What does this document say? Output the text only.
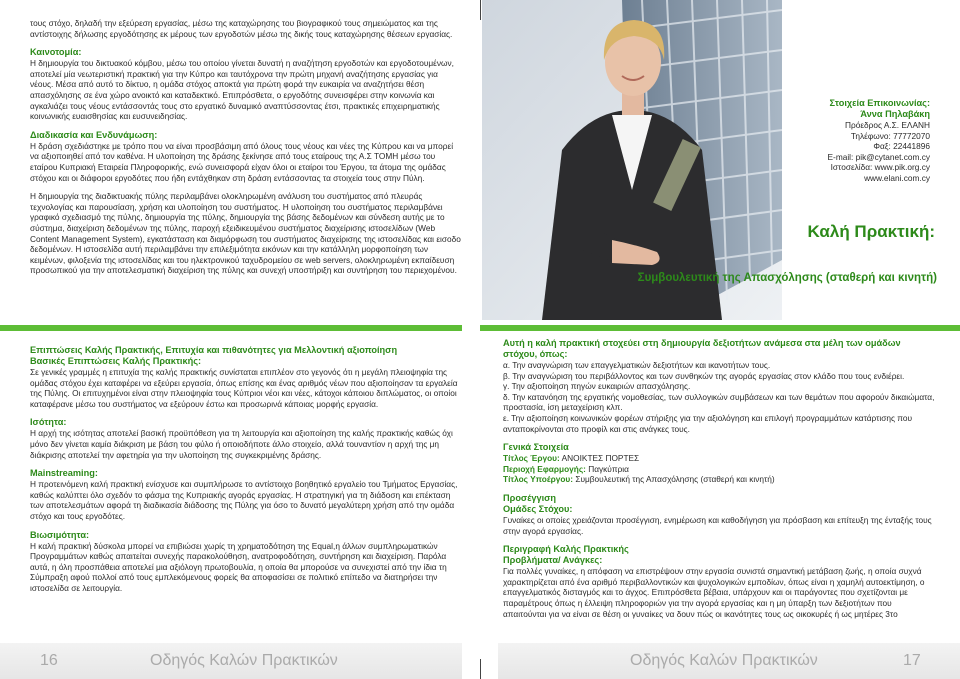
τους στόχο, δηλαδή την εξεύρεση εργασίας, μέσω της καταχώρησης του βιογραφικού τους σημειώματος και της αντίστοιχης δήλωσης εργοδότησης εκ μέρους των εργοδοτών μέσω της δικής τους καταχώρησης θέσεων εργασίας.

Καινοτομία:

Η δημιουργία του δικτυακού κόμβου, μέσω του οποίου γίνεται δυνατή η αναζήτηση εργοδοτών και εργοδοτουμένων, αποτελεί μία νεωτεριστική πρακτική για την Κύπρο και ταυτόχρονα την πρώτη μηχανή αναζήτησης εργασίας για νέους. Μέσα από αυτό το δίκτυο, η ομάδα στόχος αποκτά για πρώτη φορά την ευκαιρία να αναζητήσει θέση απασχόλησης σε ένα χώρο ανοικτό και καταδεκτικό. Επιπρόσθετα, ο εργοδότης συνεισφέρει στην κοινωνία και αγκαλιάζει τους νέους εντάσσοντάς τους στο εργατικό δυναμικό αναπτύσσοντας έτσι, πρακτικές επιχειρηματικής κοινωνικής ευαισθησίας και ευσυνειδησίας.

Διαδικασία και Ενδυνάμωση:

Η δράση σχεδιάστηκε με τρόπο που να είναι προσβάσιμη από όλους τους νέους και νέες της Κύπρου και να μπορεί να αξιοποιηθεί από τον καθένα. Η υλοποίηση της δράσης ξεκίνησε από τους εταίρους της Α.Σ ΤΟΜΗ μέσω του εταίρου Κυπριακή Εταιρεία Πληροφορικής, ενώ συνεισφορά είχαν όλοι οι εταίροι του Έργου, τα άτομα της ομάδας στόχου και οι διάφοροι εργοδότες που ήδη εντάχθηκαν στη δράση εντάσσοντας τα στοιχεία τους στην Πύλη.

Η δημιουργία της διαδικτυακής πύλης περιλαμβάνει ολοκληρωμένη ανάλυση του συστήματος από πλευράς τεχνολογίας και παρουσίαση, χρήση και υλοποίηση του συστήματος. Η υλοποίηση του συστήματος περιλαμβάνει γραφικό σχεδιασμό της πύλης, δημιουργία της πύλης, δημιουργία της βάσης δεδομένων και σύνδεση αυτής με το σύστημα, διαχείριση δεδομένων της πύλης, παροχή εξειδικευμένου συστήματος διαχείρισης ιστοσελίδων (Web Content Management System), εγκατάσταση και διαμόρφωση του συστήματος διαχείρισης της ιστοσελίδας και εισοδο δεδομένων. Η ιστοσελίδα αυτή περιλαμβάνει την επιλεξιμότητα εικόνων και την κατάλληλη μορφοποίηση των κειμένων, φιλοξενία της ιστοσελίδας και του ηλεκτρονικού ταχυδρομείου σε web servers, ολοκληρωμένη εκπαίδευση προσωπικού για την αποτελεσματική διαχείριση της πύλης και συνεχή υποστήριξη και συντήρηση του περιεχομένου.

Επιπτώσεις Καλής Πρακτικής, Επιτυχία και πιθανότητες για Μελλοντική αξιοποίηση

Βασικές Επιπτώσεις Καλής Πρακτικής:

Σε γενικές γραμμές η επιτυχία της καλής πρακτικής συνίσταται επιπλέον στο γεγονός ότι η μεγάλη πλειοψηφία της ομάδας στόχου έχει καταφέρει να εξεύρει εργασία, όπως επίσης και ένας αριθμός νέων που αξιοποίησαν τα εργαλεία της Πύλης. Οι επιτυχημένοι είναι στην πλειοψηφία τους Κύπριοι νέοι και νέες, κάτοχοι κάποιου διπλώματος, οι οποίοι καταφέρανε μέσω του συστήματος να εξεύρουν έστω και προσωρινά κάποιας μορφής εργασία.

Ισότητα:

Η αρχή της ισότητας αποτελεί βασική προϋπόθεση για τη λειτουργία και αξιοποίηση της καλής πρακτικής καθώς όχι μόνο δεν γίνεται καμία διάκριση με βάση του φύλο ή οποιοδήποτε άλλο στοιχείο, αλλά τουναντίον η αρχή της μη διάκρισης αποτελεί την αφετηρία για την υλοποίηση της συγκεκριμένης δράσης.

Mainstreaming:

Η προτεινόμενη καλή πρακτική ενίσχυσε και συμπλήρωσε το αντίστοιχο βοηθητικό εργαλείο του Τμήματος Εργασίας, καθώς καλύπτει όλο σχεδόν το φάσμα της Κυπριακής αγοράς εργασίας. Η στρατηγική για τη διάδοση και επέκταση των αποτελεσμάτων αφορά τη διαδικασία διάδοσης της Πύλης για όσο το δυνατό μεγαλύτερη χρήση από την ομάδα στόχο και τους εργοδότες.

Βιωσιμότητα:

Η καλή πρακτική δύσκολα μπορεί να επιβιώσει χωρίς τη χρηματοδότηση της Equal,η άλλων συμπληρωματικών Προγραμμάτων καθώς απαιτείται συνεχής παρακολούθηση, ανατροφοδότηση, συντήρηση και διαχείριση. Παρόλα αυτά, η όλη προσπάθεια αποτελεί μια αξιόλογη πρωτοβουλία, η οποία θα μπορούσε να συνεχιστεί από την ίδια τη Σύμπραξη αφού πολλοί από τους εμπλεκόμενους φορείς θα αποφασίσει σε πολιτικό επίπεδο να διατηρήσει την ιστοσελίδα σε λειτουργία.

16	Οδηγός Καλών Πρακτικών
Στοιχεία Επικοινωνίας:
Άννα Πηλαβάκη
Πρόεδρος Α.Σ. ΕΛΑΝΗ
Τηλέφωνο: 77772070
Φαξ: 22441896
E-mail: pik@cytanet.com.cy
Ιστοσελίδα: www.pik.org.cy
www.elani.com.cy
Καλή Πρακτική:
Συμβουλευτική της Απασχόλησης (σταθερή και κινητή)

Αυτή η καλή πρακτική στοχεύει στη δημιουργία δεξιοτήτων ανάμεσα στα μέλη των ομάδων στόχου, όπως:

α. Την αναγνώριση των επαγγελματικών δεξιοτήτων και ικανοτήτων τους.

β. Την αναγνώριση του περιβάλλοντος και των συνθηκών της αγοράς εργασίας στον κλάδο που τους ενδιέρει.

γ. Την αξιοποίηση πηγών ευκαιριών απασχόλησης.

δ. Την κατανόηση της εργατικής νομοθεσίας, των συλλογικών συμβάσεων και των θεμάτων που αφορούν δικαιώματα, προστασία, ίση μεταχείριση κλπ.

ε. Την αξιοποίηση κοινωνικών φορέων στήριξης για την αξιολόγηση και επιλογή προγραμμάτων κατάρτισης που ανταποκρίνονται στο προφίλ και στις ανάγκες τους.

Γενικά Στοιχεία

Τίτλος Έργου: ΑΝΟΙΚΤΕΣ ΠΟΡΤΕΣ

Περιοχή Εφαρμογής: Παγκύπρια

Τίτλος Υποέργου: Συμβουλευτική της Απασχόλησης (σταθερή και κινητή)

Προσέγγιση

Ομάδες Στόχου:

Γυναίκες οι οποίες χρειάζονται προσέγγιση, ενημέρωση και καθοδήγηση για πρόσβαση και επίτευξη της ένταξής τους στην αγορά εργασίας.

Περιγραφή Καλής Πρακτικής

Προβλήματα/ Ανάγκες:

Για πολλές γυναίκες, η απόφαση να επιστρέψουν στην εργασία συνιστά σημαντική μετάβαση ζωής, η οποία συχνά χαρακτηρίζεται από ένα αριθμό περιβαλλοντικών και ψυχολογικών εμποδίων, όπως είναι η χαμηλή αυτοεκτίμηση, ο επαγγελματικός δισταγμός και το άγχος. Επιπρόσθετα βέβαια, υπάρχουν και οι παράγοντες που σχετίζονται με παραμέτρους όπως η έλλειψη πληροφοριών για την αγορά εργασίας και η μη ύπαρξη των δεξιοτήτων που απαιτούνται για να είναι σε θέση οι γυναίκες να δουν πώς οι ικανότητες τους ως οικοκυρές ή ως μητέρες 3το

Οδηγός Καλών Πρακτικών	17
